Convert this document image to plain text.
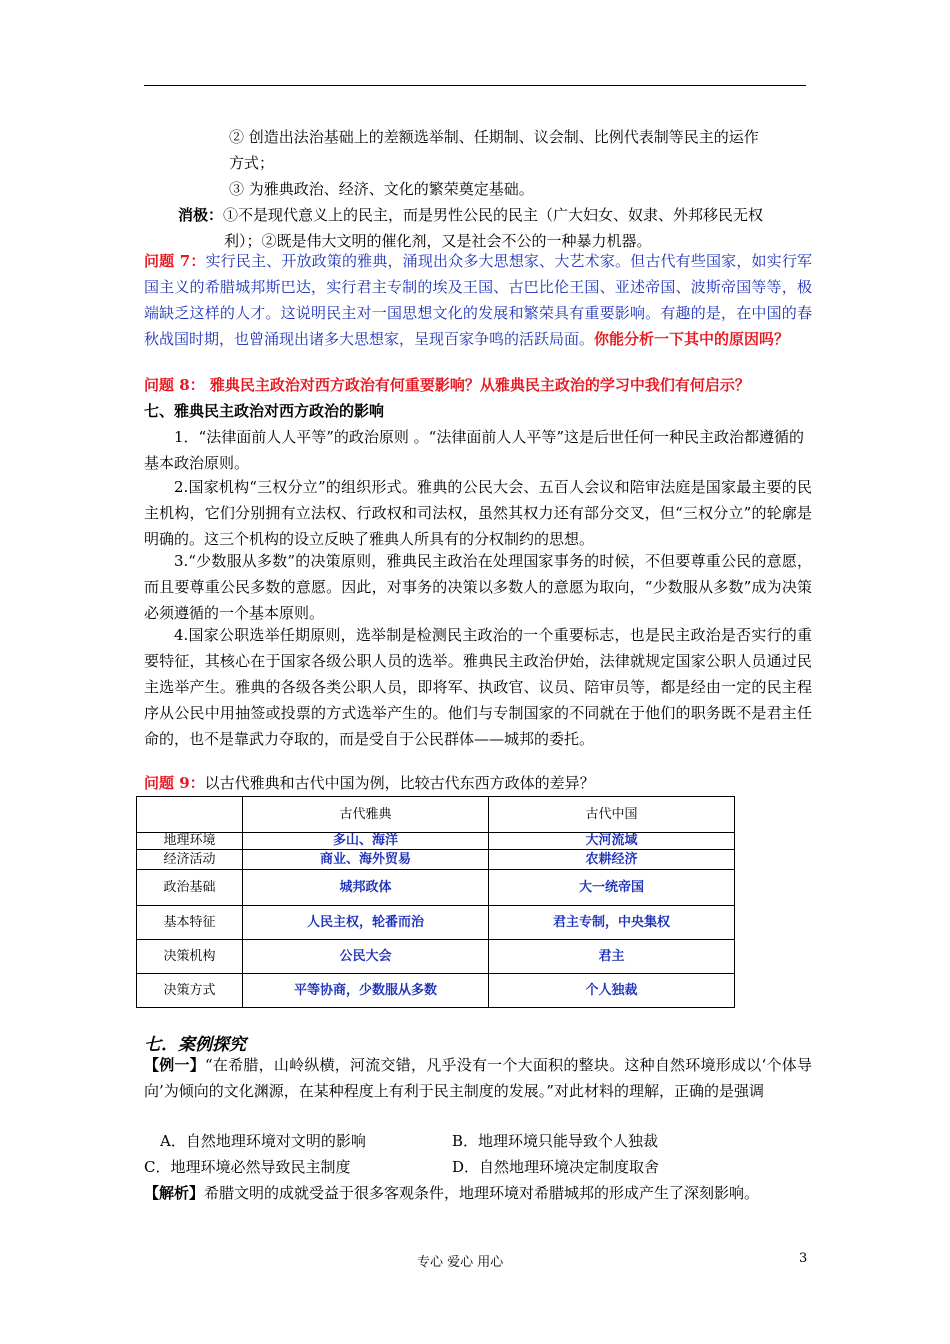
② 创造出法治基础上的差额选举制、任期制、议会制、比例代表制等民主的运作
方式；

③ 为雅典政治、经济、文化的繁荣奠定基础。

消极：①不是现代意义上的民主，而是男性公民的民主（广大妇女、奴隶、外邦移民无权
利）；②既是伟大文明的催化剂，又是社会不公的一种暴力机器。

问题 7：实行民主、开放政策的雅典，涌现出众多大思想家、大艺术家。但古代有些国家，如实行军国主义的希腊城邦斯巴达，实行君主专制的埃及王国、古巴比伦王国、亚述帝国、波斯帝国等等，极端缺乏这样的人才。这说明民主对一国思想文化的发展和繁荣具有重要影响。有趣的是，在中国的春秋战国时期，也曾涌现出诸多大思想家，呈现百家争鸣的活跃局面。你能分析一下其中的原因吗？

问题 8： 雅典民主政治对西方政治有何重要影响？从雅典民主政治的学习中我们有何启示？

七、雅典民主政治对西方政治的影响

1．“法律面前人人平等”的政治原则 。“法律面前人人平等”这是后世任何一种民主政治都遵循的基本政治原则。

2.国家机构“三权分立”的组织形式。雅典的公民大会、五百人会议和陪审法庭是国家最主要的民主机构，它们分别拥有立法权、行政权和司法权，虽然其权力还有部分交叉，但“三权分立”的轮廓是明确的。这三个机构的设立反映了雅典人所具有的分权制约的思想。

3.“少数服从多数”的决策原则，雅典民主政治在处理国家事务的时候，不但要尊重公民的意愿，而且要尊重公民多数的意愿。因此，对事务的决策以多数人的意愿为取向，“少数服从多数”成为决策必须遵循的一个基本原则。

4.国家公职选举任期原则，选举制是检测民主政治的一个重要标志，也是民主政治是否实行的重要特征，其核心在于国家各级公职人员的选举。雅典民主政治伊始，法律就规定国家公职人员通过民主选举产生。雅典的各级各类公职人员，即将军、执政官、议员、陪审员等，都是经由一定的民主程序从公民中用抽签或投票的方式选举产生的。他们与专制国家的不同就在于他们的职务既不是君主任命的，也不是靠武力夺取的，而是受自于公民群体——城邦的委托。

问题 9：以古代雅典和古代中国为例，比较古代东西方政体的差异？

	古代雅典	古代中国
地理环境	多山、海洋	大河流域
经济活动	商业、海外贸易	农耕经济
政治基础	城邦政体	大一统帝国
基本特征	人民主权，轮番而治	君主专制，中央集权
决策机构	公民大会	君主
决策方式	平等协商，少数服从多数	个人独裁
七．案例探究

【例一】“在希腊，山岭纵横，河流交错，凡乎没有一个大面积的整块。这种自然环境形成以‘个体导向’为倾向的文化渊源，在某种程度上有利于民主制度的发展。”对此材料的理解，正确的是强调

A．自然地理环境对文明的影响	B．地理环境只能导致个人独裁
C．地理环境必然导致民主制度	D．自然地理环境决定制度取舍

【解析】希腊文明的成就受益于很多客观条件，地理环境对希腊城邦的形成产生了深刻影响。

专心 爱心 用心	3
